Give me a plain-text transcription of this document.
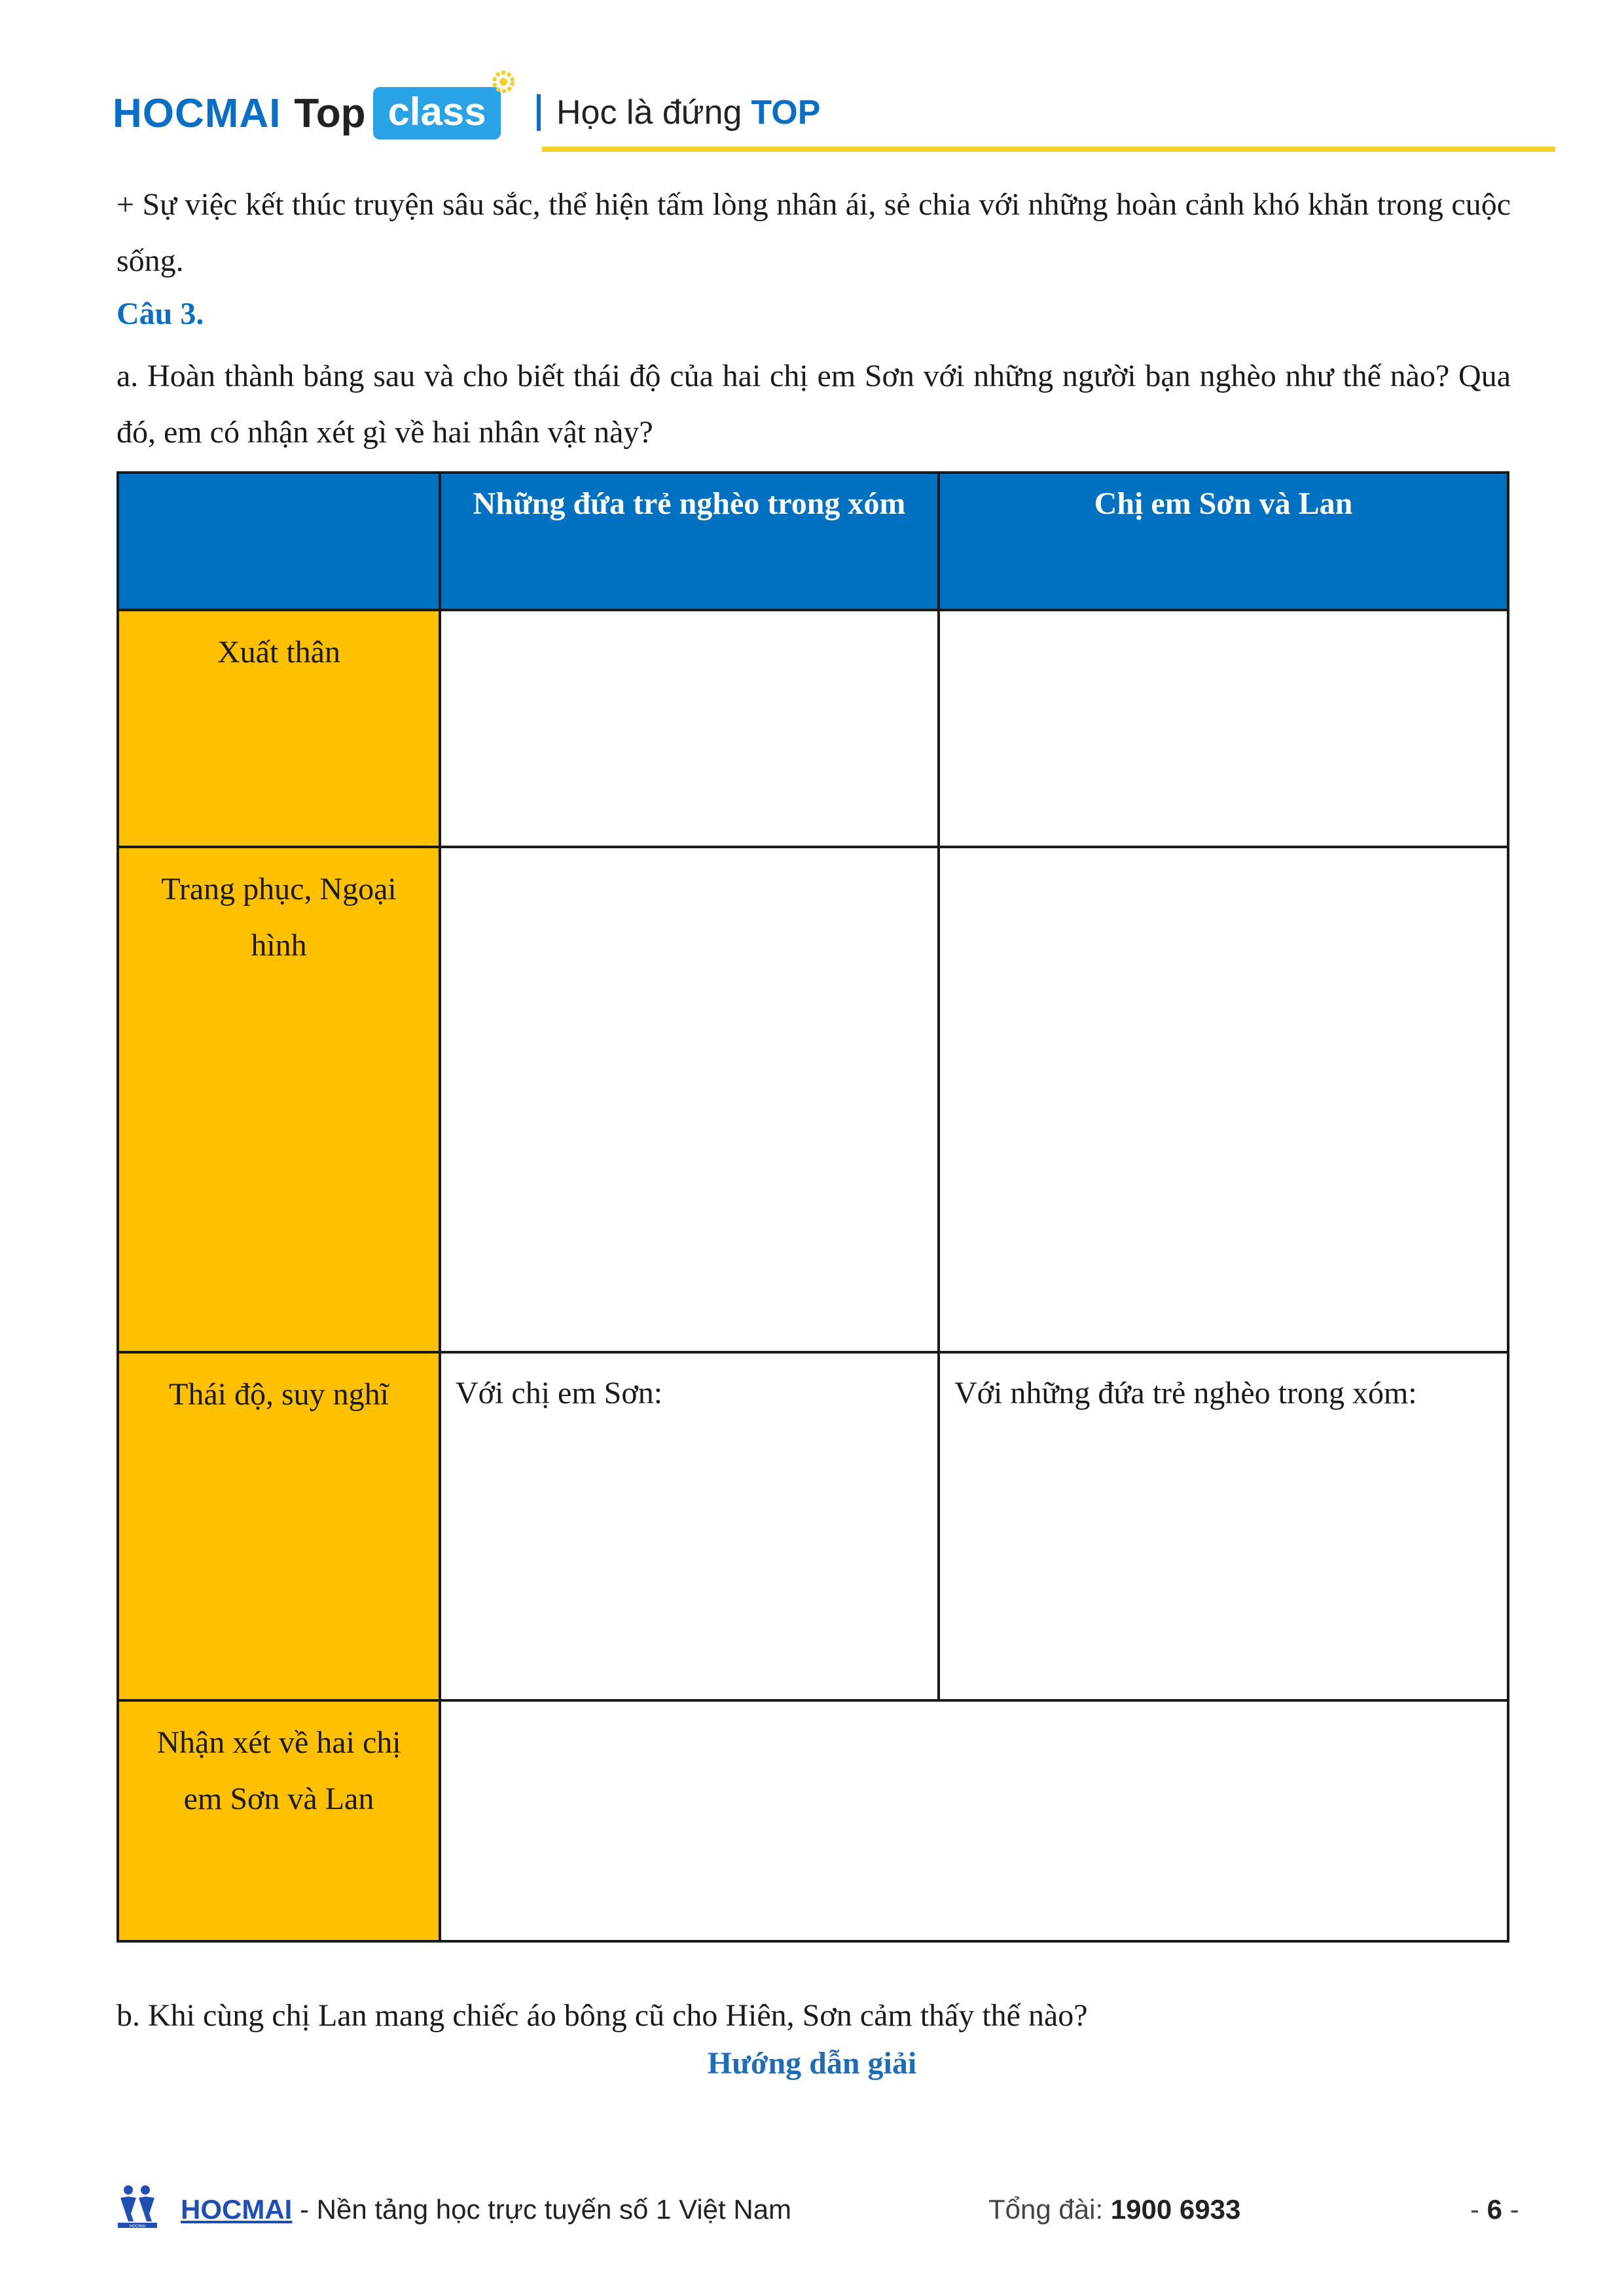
HOCMAI Top class	Học là đứng TOP
+ Sự việc kết thúc truyện sâu sắc, thể hiện tấm lòng nhân ái, sẻ chia với những hoàn cảnh khó khăn trong cuộc sống.
Câu 3.
a. Hoàn thành bảng sau và cho biết thái độ của hai chị em Sơn với những người bạn nghèo như thế nào? Qua đó, em có nhận xét gì về hai nhân vật này?
	Những đứa trẻ nghèo trong xóm	Chị em Sơn và Lan
Xuất thân	

Trang phục, Ngoại hình	

Thái độ, suy nghĩ	Với chị em Sơn:	Với những đứa trẻ nghèo trong xóm:

Nhận xét về hai chị em Sơn và Lan		
b. Khi cùng chị Lan mang chiếc áo bông cũ cho Hiên, Sơn cảm thấy thế nào?
Hướng dẫn giải
HOCMAI
HOCMAI - Nền tảng học trực tuyến số 1 Việt Nam	Tổng đài: 1900 6933	- 6 -
